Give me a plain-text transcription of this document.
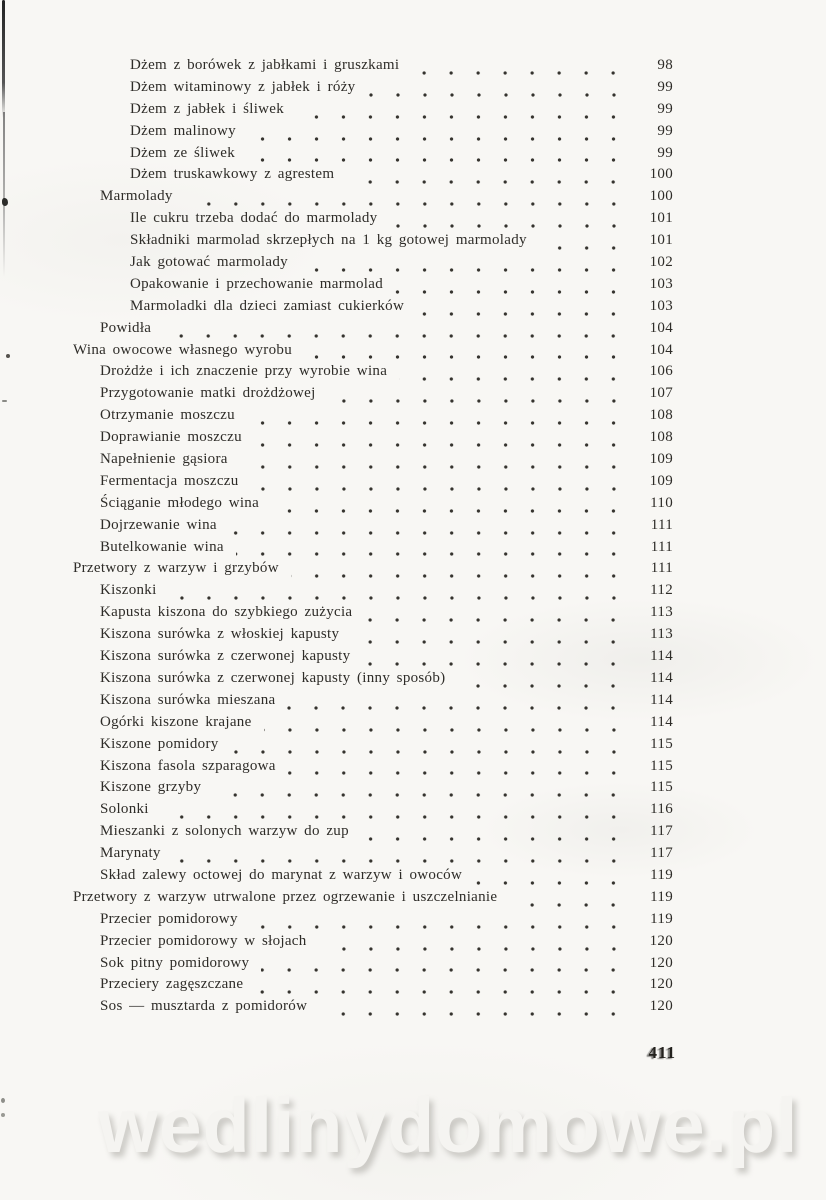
Dżem z borówek z jabłkami i gruszkami	98
Dżem witaminowy z jabłek i róży	99
Dżem z jabłek i śliwek	99
Dżem malinowy	99
Dżem ze śliwek	99
Dżem truskawkowy z agrestem	100
Marmolady	100
Ile cukru trzeba dodać do marmolady	101
Składniki marmolad skrzepłych na 1 kg gotowej marmolady	101
Jak gotować marmolady	102
Opakowanie i przechowanie marmolad	103
Marmoladki dla dzieci zamiast cukierków	103
Powidła	104
Wina owocowe własnego wyrobu	104
Drożdże i ich znaczenie przy wyrobie wina	106
Przygotowanie matki drożdżowej	107
Otrzymanie moszczu	108
Doprawianie moszczu	108
Napełnienie gąsiora	109
Fermentacja moszczu	109
Ściąganie młodego wina	110
Dojrzewanie wina	111
Butelkowanie wina	111
Przetwory z warzyw i grzybów	111
Kiszonki	112
Kapusta kiszona do szybkiego zużycia	113
Kiszona surówka z włoskiej kapusty	113
Kiszona surówka z czerwonej kapusty	114
Kiszona surówka z czerwonej kapusty (inny sposób)	114
Kiszona surówka mieszana	114
Ogórki kiszone krajane	114
Kiszone pomidory	115
Kiszona fasola szparagowa	115
Kiszone grzyby	115
Solonki	116
Mieszanki z solonych warzyw do zup	117
Marynaty	117
Skład zalewy octowej do marynat z warzyw i owoców	119
Przetwory z warzyw utrwalone przez ogrzewanie i uszczelnianie	119
Przecier pomidorowy	119
Przecier pomidorowy w słojach	120
Sok pitny pomidorowy	120
Przeciery zagęszczane	120
Sos — musztarda z pomidorów	120
411
wedlinydomowe.pl
